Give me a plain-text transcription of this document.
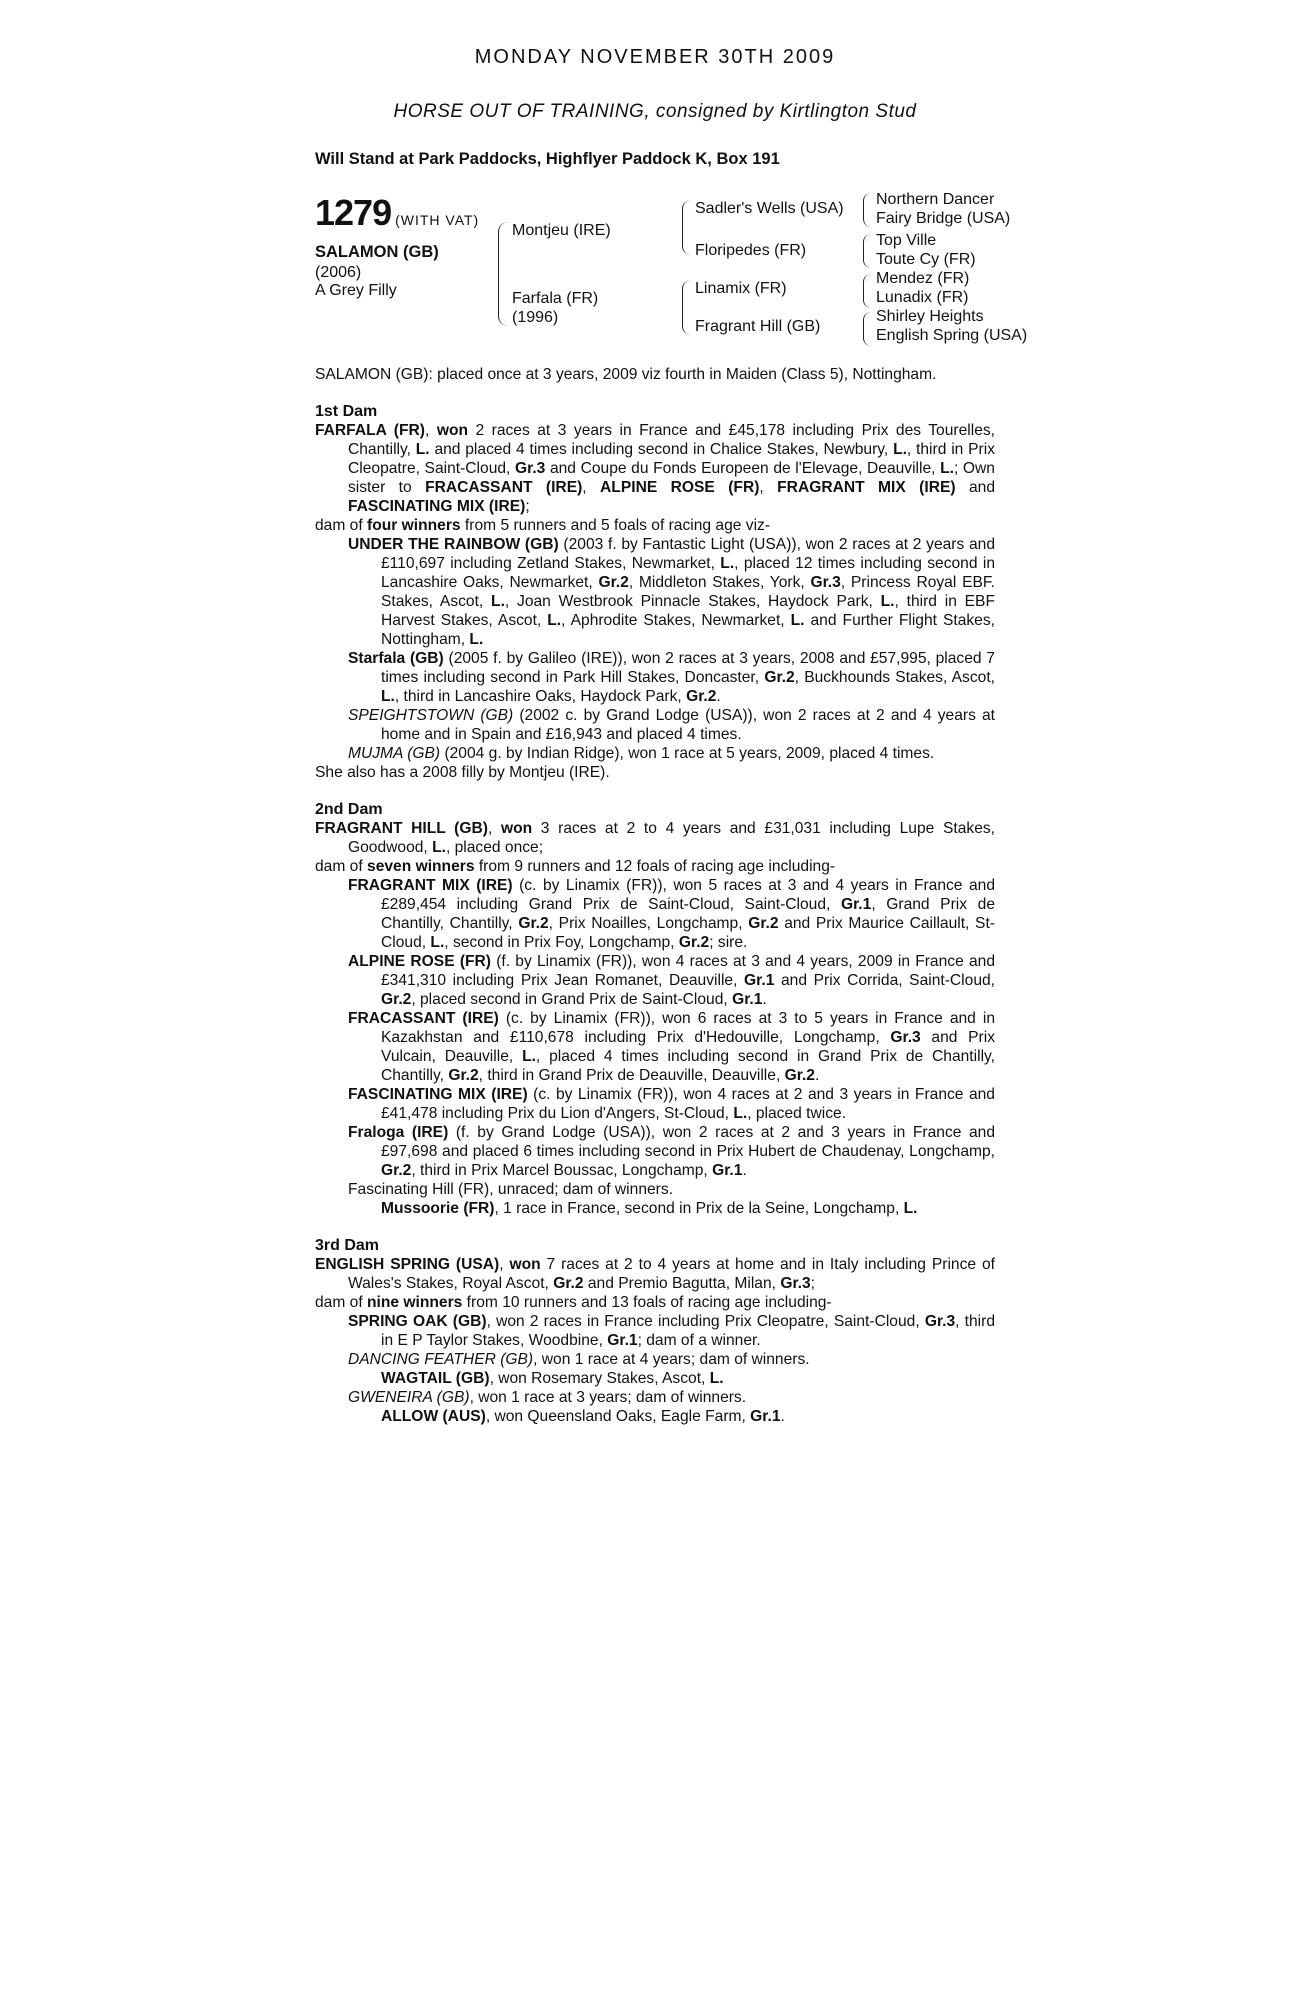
MONDAY NOVEMBER 30TH 2009
HORSE OUT OF TRAINING, consigned by Kirtlington Stud
Will Stand at Park Paddocks, Highflyer Paddock K, Box 191
1279 (WITH VAT)
SALAMON (GB)
(2006)
A Grey Filly
Montjeu (IRE)
Farfala (FR)
(1996)
Sadler's Wells (USA)
Floripedes (FR)
Linamix (FR)
Fragrant Hill (GB)
Northern Dancer
Fairy Bridge (USA)
Top Ville
Toute Cy (FR)
Mendez (FR)
Lunadix (FR)
Shirley Heights
English Spring (USA)

SALAMON (GB): placed once at 3 years, 2009 viz fourth in Maiden (Class 5), Nottingham.

1st Dam

FARFALA (FR), won 2 races at 3 years in France and £45,178 including Prix des Tourelles, Chantilly, L. and placed 4 times including second in Chalice Stakes, Newbury, L., third in Prix Cleopatre, Saint-Cloud, Gr.3 and Coupe du Fonds Europeen de l'Elevage, Deauville, L.; Own sister to FRACASSANT (IRE), ALPINE ROSE (FR), FRAGRANT MIX (IRE) and FASCINATING MIX (IRE);

dam of four winners from 5 runners and 5 foals of racing age viz-

UNDER THE RAINBOW (GB) (2003 f. by Fantastic Light (USA)), won 2 races at 2 years and £110,697 including Zetland Stakes, Newmarket, L., placed 12 times including second in Lancashire Oaks, Newmarket, Gr.2, Middleton Stakes, York, Gr.3, Princess Royal EBF. Stakes, Ascot, L., Joan Westbrook Pinnacle Stakes, Haydock Park, L., third in EBF Harvest Stakes, Ascot, L., Aphrodite Stakes, Newmarket, L. and Further Flight Stakes, Nottingham, L.

Starfala (GB) (2005 f. by Galileo (IRE)), won 2 races at 3 years, 2008 and £57,995, placed 7 times including second in Park Hill Stakes, Doncaster, Gr.2, Buckhounds Stakes, Ascot, L., third in Lancashire Oaks, Haydock Park, Gr.2.

SPEIGHTSTOWN (GB) (2002 c. by Grand Lodge (USA)), won 2 races at 2 and 4 years at home and in Spain and £16,943 and placed 4 times.

MUJMA (GB) (2004 g. by Indian Ridge), won 1 race at 5 years, 2009, placed 4 times.

She also has a 2008 filly by Montjeu (IRE).

2nd Dam

FRAGRANT HILL (GB), won 3 races at 2 to 4 years and £31,031 including Lupe Stakes, Goodwood, L., placed once;

dam of seven winners from 9 runners and 12 foals of racing age including-

FRAGRANT MIX (IRE) (c. by Linamix (FR)), won 5 races at 3 and 4 years in France and £289,454 including Grand Prix de Saint-Cloud, Saint-Cloud, Gr.1, Grand Prix de Chantilly, Chantilly, Gr.2, Prix Noailles, Longchamp, Gr.2 and Prix Maurice Caillault, St-Cloud, L., second in Prix Foy, Longchamp, Gr.2; sire.

ALPINE ROSE (FR) (f. by Linamix (FR)), won 4 races at 3 and 4 years, 2009 in France and £341,310 including Prix Jean Romanet, Deauville, Gr.1 and Prix Corrida, Saint-Cloud, Gr.2, placed second in Grand Prix de Saint-Cloud, Gr.1.

FRACASSANT (IRE) (c. by Linamix (FR)), won 6 races at 3 to 5 years in France and in Kazakhstan and £110,678 including Prix d'Hedouville, Longchamp, Gr.3 and Prix Vulcain, Deauville, L., placed 4 times including second in Grand Prix de Chantilly, Chantilly, Gr.2, third in Grand Prix de Deauville, Deauville, Gr.2.

FASCINATING MIX (IRE) (c. by Linamix (FR)), won 4 races at 2 and 3 years in France and £41,478 including Prix du Lion d'Angers, St-Cloud, L., placed twice.

Fraloga (IRE) (f. by Grand Lodge (USA)), won 2 races at 2 and 3 years in France and £97,698 and placed 6 times including second in Prix Hubert de Chaudenay, Longchamp, Gr.2, third in Prix Marcel Boussac, Longchamp, Gr.1.

Fascinating Hill (FR), unraced; dam of winners.

Mussoorie (FR), 1 race in France, second in Prix de la Seine, Longchamp, L.

3rd Dam

ENGLISH SPRING (USA), won 7 races at 2 to 4 years at home and in Italy including Prince of Wales's Stakes, Royal Ascot, Gr.2 and Premio Bagutta, Milan, Gr.3;

dam of nine winners from 10 runners and 13 foals of racing age including-

SPRING OAK (GB), won 2 races in France including Prix Cleopatre, Saint-Cloud, Gr.3, third in E P Taylor Stakes, Woodbine, Gr.1; dam of a winner.

DANCING FEATHER (GB), won 1 race at 4 years; dam of winners.

WAGTAIL (GB), won Rosemary Stakes, Ascot, L.

GWENEIRA (GB), won 1 race at 3 years; dam of winners.

ALLOW (AUS), won Queensland Oaks, Eagle Farm, Gr.1.
